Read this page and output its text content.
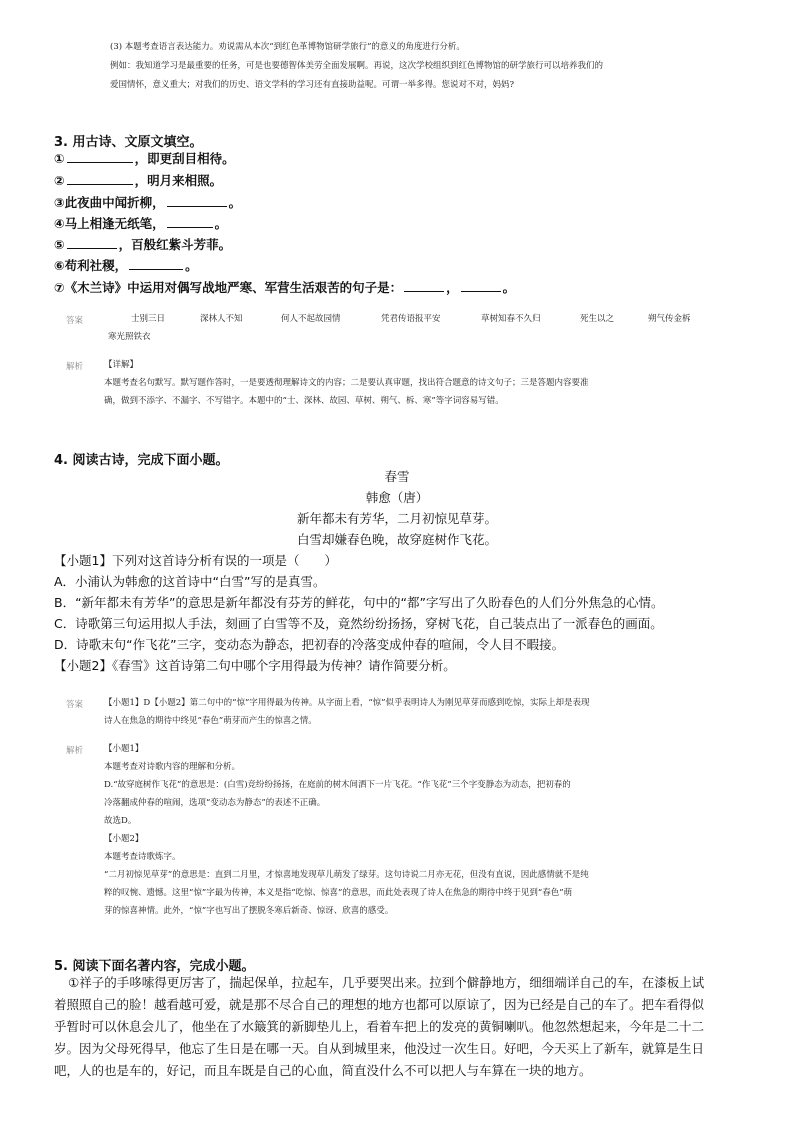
(3) 本题考查语言表达能力。劝说需从本次“到红色革博物馆研学旅行”的意义的角度进行分析。
例如：我知道学习是最重要的任务，可是也要德智体美劳全面发展啊。再说，这次学校组织到红色博物馆的研学旅行可以培养我们的
爱国情怀，意义重大；对我们的历史、语文学科的学习还有直接助益呢。可谓一举多得。您说对不对，妈妈?
3. 用古诗、文原文填空。
①	，即更刮目相待。
②	，明月来相照。
③此夜曲中闻折柳，	。
④马上相逢无纸笔，	。
⑤	，百般红紫斗芳菲。
⑥苟利社稷，	。
⑦《木兰诗》中运用对偶写战地严寒、军营生活艰苦的句子是：	，	。
答案	士别三日	深林人不知	何人不起故园情	凭君传语报平安	草树知春不久归	死生以之	朔气传金柝
寒光照铁衣
解析 【详解】
本题考查名句默写。默写题作答时，一是要透彻理解诗文的内容；二是要认真审题，找出符合题意的诗文句子；三是答题内容要准
确，做到不添字、不漏字、不写错字。本题中的“士、深林、故园、草树、朔气、柝、寒”等字词容易写错。
4. 阅读古诗，完成下面小题。
春雪
韩愈（唐）
新年都未有芳华，二月初惊见草芽。
白雪却嫌春色晚，故穿庭树作飞花。
【小题1】下列对这首诗分析有误的一项是（　　）
A．小浦认为韩愈的这首诗中“白雪”写的是真雪。
B．“新年都未有芳华”的意思是新年都没有芬芳的鲜花，句中的“都”字写出了久盼春色的人们分外焦急的心情。
C．诗歌第三句运用拟人手法，刻画了白雪等不及，竟然纷纷扬扬，穿树飞花，自己装点出了一派春色的画面。
D．诗歌末句“作飞花”三字，变动态为静态，把初春的冷落变成仲春的喧闹，令人目不暇接。
【小题2】《春雪》这首诗第二句中哪个字用得最为传神？请作简要分析。
答案 【小题1】D【小题2】第二句中的“惊”字用得最为传神。从字面上看，“惊”似乎表明诗人为刚见草芽而感到吃惊，实际上却是表现
诗人在焦急的期待中终见“春色”萌芽而产生的惊喜之情。
解析 【小题1】
本题考查对诗歌内容的理解和分析。
D.“故穿庭树作飞花”的意思是：(白雪)竞纷纷扬扬，在庭前的树木间洒下一片飞花。“作飞花”三个字变静态为动态，把初春的
冷落翻成仲春的喧闹，选项“变动态为静态”的表述不正确。
故选D。
【小题2】
本题考查诗歌炼字。
“二月初惊见草芽”的意思是：直到二月里，才惊喜地发现草儿萌发了绿芽。这句诗说二月亦无花，但没有直说，因此感情就不是纯
粹的叹惋、遗憾。这里“惊”字最为传神，本义是指“吃惊、惊喜”的意思，而此处表现了诗人在焦急的期待中终于见到“春色”萌
芽的惊喜神情。此外，“惊”字也写出了摆脱冬寒后新奇、惊讶、欣喜的感受。
5. 阅读下面名著内容，完成小题。
①祥子的手哆嗦得更厉害了，揣起保单，拉起车，几乎要哭出来。拉到个僻静地方，细细端详自己的车，在漆板上试
着照照自己的脸！越看越可爱，就是那不尽合自己的理想的地方也都可以原谅了，因为已经是自己的车了。把车看得似
乎暂时可以休息会儿了，他坐在了水簸箕的新脚垫儿上，看着车把上的发亮的黄铜喇叭。他忽然想起来，今年是二十二
岁。因为父母死得早，他忘了生日是在哪一天。自从到城里来，他没过一次生日。好吧，今天买上了新车，就算是生日
吧，人的也是车的，好记，而且车既是自己的心血，简直没什么不可以把人与车算在一块的地方。
